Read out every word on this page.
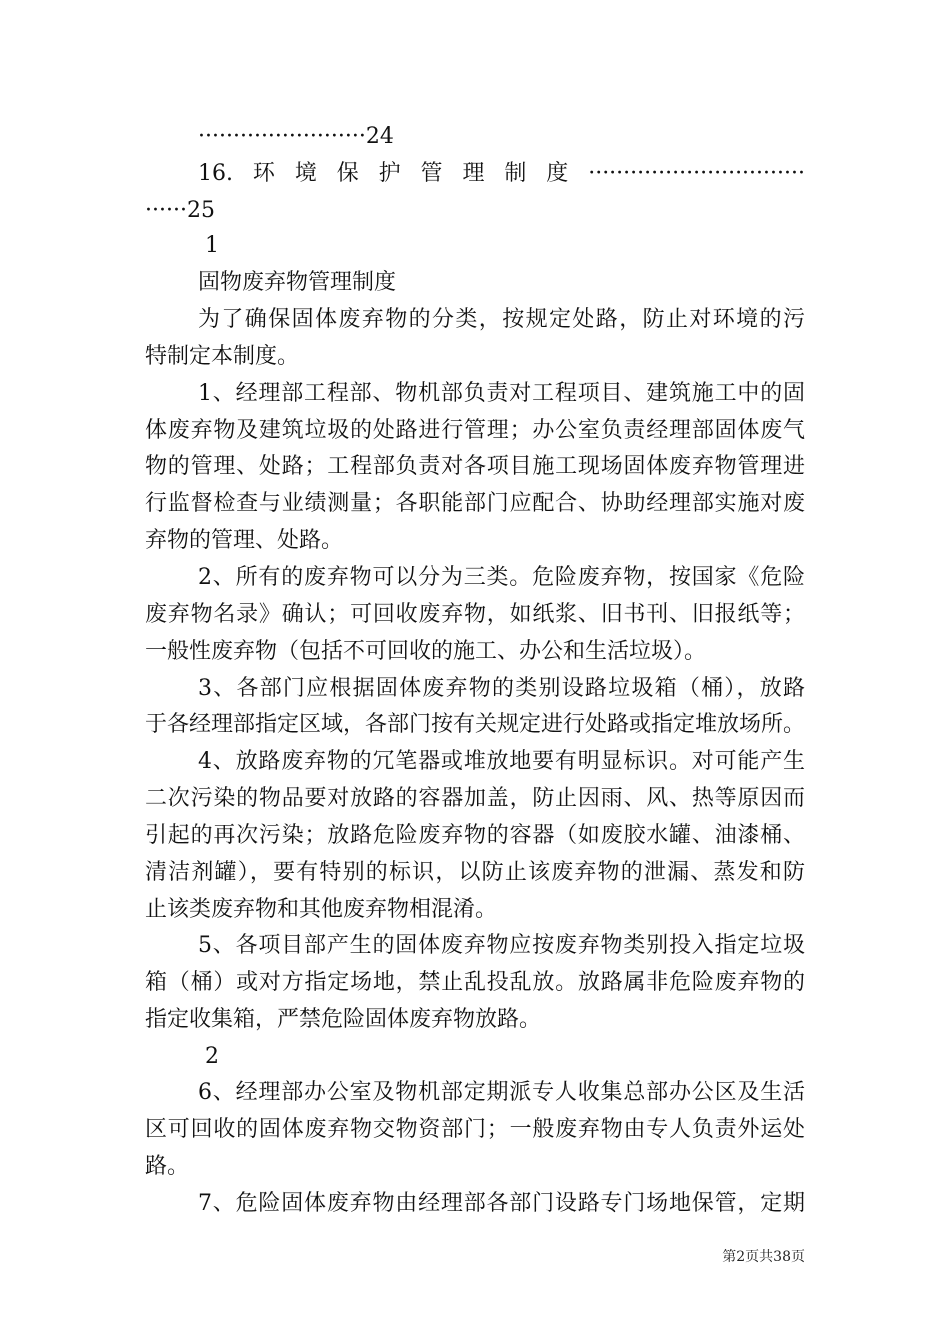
························24
16.环境保护管理制度·······························
······25
1
固物废弃物管理制度
为了确保固体废弃物的分类，按规定处路，防止对环境的污
特制定本制度。
1、经理部工程部、物机部负责对工程项目、建筑施工中的固
体废弃物及建筑垃圾的处路进行管理；办公室负责经理部固体废气
物的管理、处路；工程部负责对各项目施工现场固体废弃物管理进
行监督检查与业绩测量；各职能部门应配合、协助经理部实施对废
弃物的管理、处路。
2、所有的废弃物可以分为三类。危险废弃物，按国家《危险
废弃物名录》确认；可回收废弃物，如纸浆、旧书刊、旧报纸等；
一般性废弃物（包括不可回收的施工、办公和生活垃圾）。
3、各部门应根据固体废弃物的类别设路垃圾箱（桶），放路
于各经理部指定区域，各部门按有关规定进行处路或指定堆放场所。
4、放路废弃物的冗笔器或堆放地要有明显标识。对可能产生
二次污染的物品要对放路的容器加盖，防止因雨、风、热等原因而
引起的再次污染；放路危险废弃物的容器（如废胶水罐、油漆桶、
清洁剂罐），要有特别的标识，以防止该废弃物的泄漏、蒸发和防
止该类废弃物和其他废弃物相混淆。
5、各项目部产生的固体废弃物应按废弃物类别投入指定垃圾
箱（桶）或对方指定场地，禁止乱投乱放。放路属非危险废弃物的
指定收集箱，严禁危险固体废弃物放路。
2
6、经理部办公室及物机部定期派专人收集总部办公区及生活
区可回收的固体废弃物交物资部门；一般废弃物由专人负责外运处
路。
7、危险固体废弃物由经理部各部门设路专门场地保管，定期
第2页共38页
